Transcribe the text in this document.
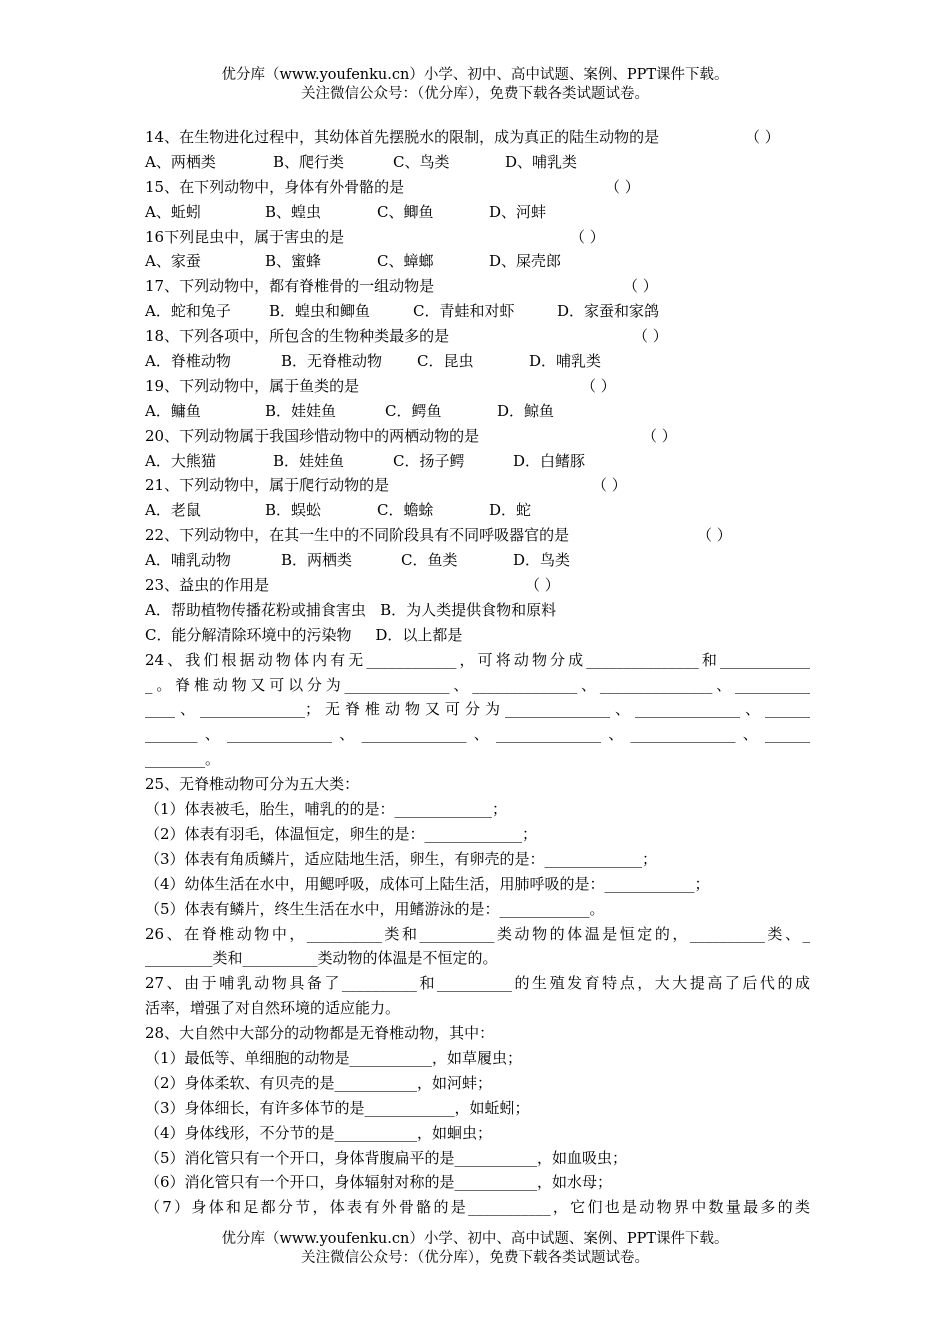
优分库（www.youfenku.cn）小学、初中、高中试题、案例、PPT课件下载。
关注微信公众号：（优分库），免费下载各类试题试卷。
14、在生物进化过程中，其幼体首先摆脱水的限制，成为真正的陆生动物的是	（ ）
A、两栖类	B、爬行类	C、鸟类	D、哺乳类
15、在下列动物中，身体有外骨骼的是	（ ）
A、蚯蚓	B、蝗虫	C、鲫鱼	D、河蚌
16下列昆虫中，属于害虫的是	（ ）
A、家蚕	B、蜜蜂	C、蟑螂	D、屎壳郎
17、下列动物中，都有脊椎骨的一组动物是	（ ）
A．蛇和兔子	B．蝗虫和鲫鱼	C．青蛙和对虾	D．家蚕和家鸽
18、下列各项中，所包含的生物种类最多的是	（ ）
A．脊椎动物	B．无脊椎动物 C．昆虫	D．哺乳类
19、下列动物中，属于鱼类的是	（ ）
A．鳙鱼	B．娃娃鱼	C．鳄鱼	D．鲸鱼
20、下列动物属于我国珍惜动物中的两栖动物的是	（ ）
A．大熊猫	B．娃娃鱼	C．扬子鳄	D．白鳍豚
21、下列动物中，属于爬行动物的是	（ ）
A．老鼠	B．蜈蚣	C．蟾蜍	D．蛇
22、下列动物中，在其一生中的不同阶段具有不同呼吸器官的是	（ ）
A．哺乳动物	B．两栖类	C．鱼类	D．鸟类
23、益虫的作用是	（ ）
A．帮助植物传播花粉或捕食害虫   B．为人类提供食物和原料
C．能分解清除环境中的污染物     D．以上都是
24、我们根据动物体内有无____________，可将动物分成_______________和____________
_。脊椎动物又可以分为______________、______________、_______________、__________
____、______________；无脊椎动物又可分为______________、______________、______
_______、______________、______________、______________、______________、______
________。
25、无脊椎动物可分为五大类：
（1）体表被毛，胎生，哺乳的的是：_____________；
（2）体表有羽毛，体温恒定，卵生的是：_____________；
（3）体表有角质鳞片，适应陆地生活，卵生，有卵壳的是：_____________；
（4）幼体生活在水中，用鳃呼吸，成体可上陆生活，用肺呼吸的是：____________；
（5）体表有鳞片，终生生活在水中，用鳍游泳的是：____________。
26、在脊椎动物中，__________类和__________类动物的体温是恒定的，__________类、_
_________类和__________类动物的体温是不恒定的。
27、由于哺乳动物具备了__________和__________的生殖发育特点，大大提高了后代的成
活率，增强了对自然环境的适应能力。
28、大自然中大部分的动物都是无脊椎动物，其中：
（1）最低等、单细胞的动物是___________，如草履虫；
（2）身体柔软、有贝壳的是___________，如河蚌；
（3）身体细长，有许多体节的是____________，如蚯蚓；
（4）身体线形，不分节的是___________，如蛔虫；
（5）消化管只有一个开口，身体背腹扁平的是___________，如血吸虫；
（6）消化管只有一个开口，身体辐射对称的是___________，如水母；
（7）身体和足都分节，体表有外骨骼的是___________，它们也是动物界中数量最多的类
优分库（www.youfenku.cn）小学、初中、高中试题、案例、PPT课件下载。
关注微信公众号：（优分库），免费下载各类试题试卷。
